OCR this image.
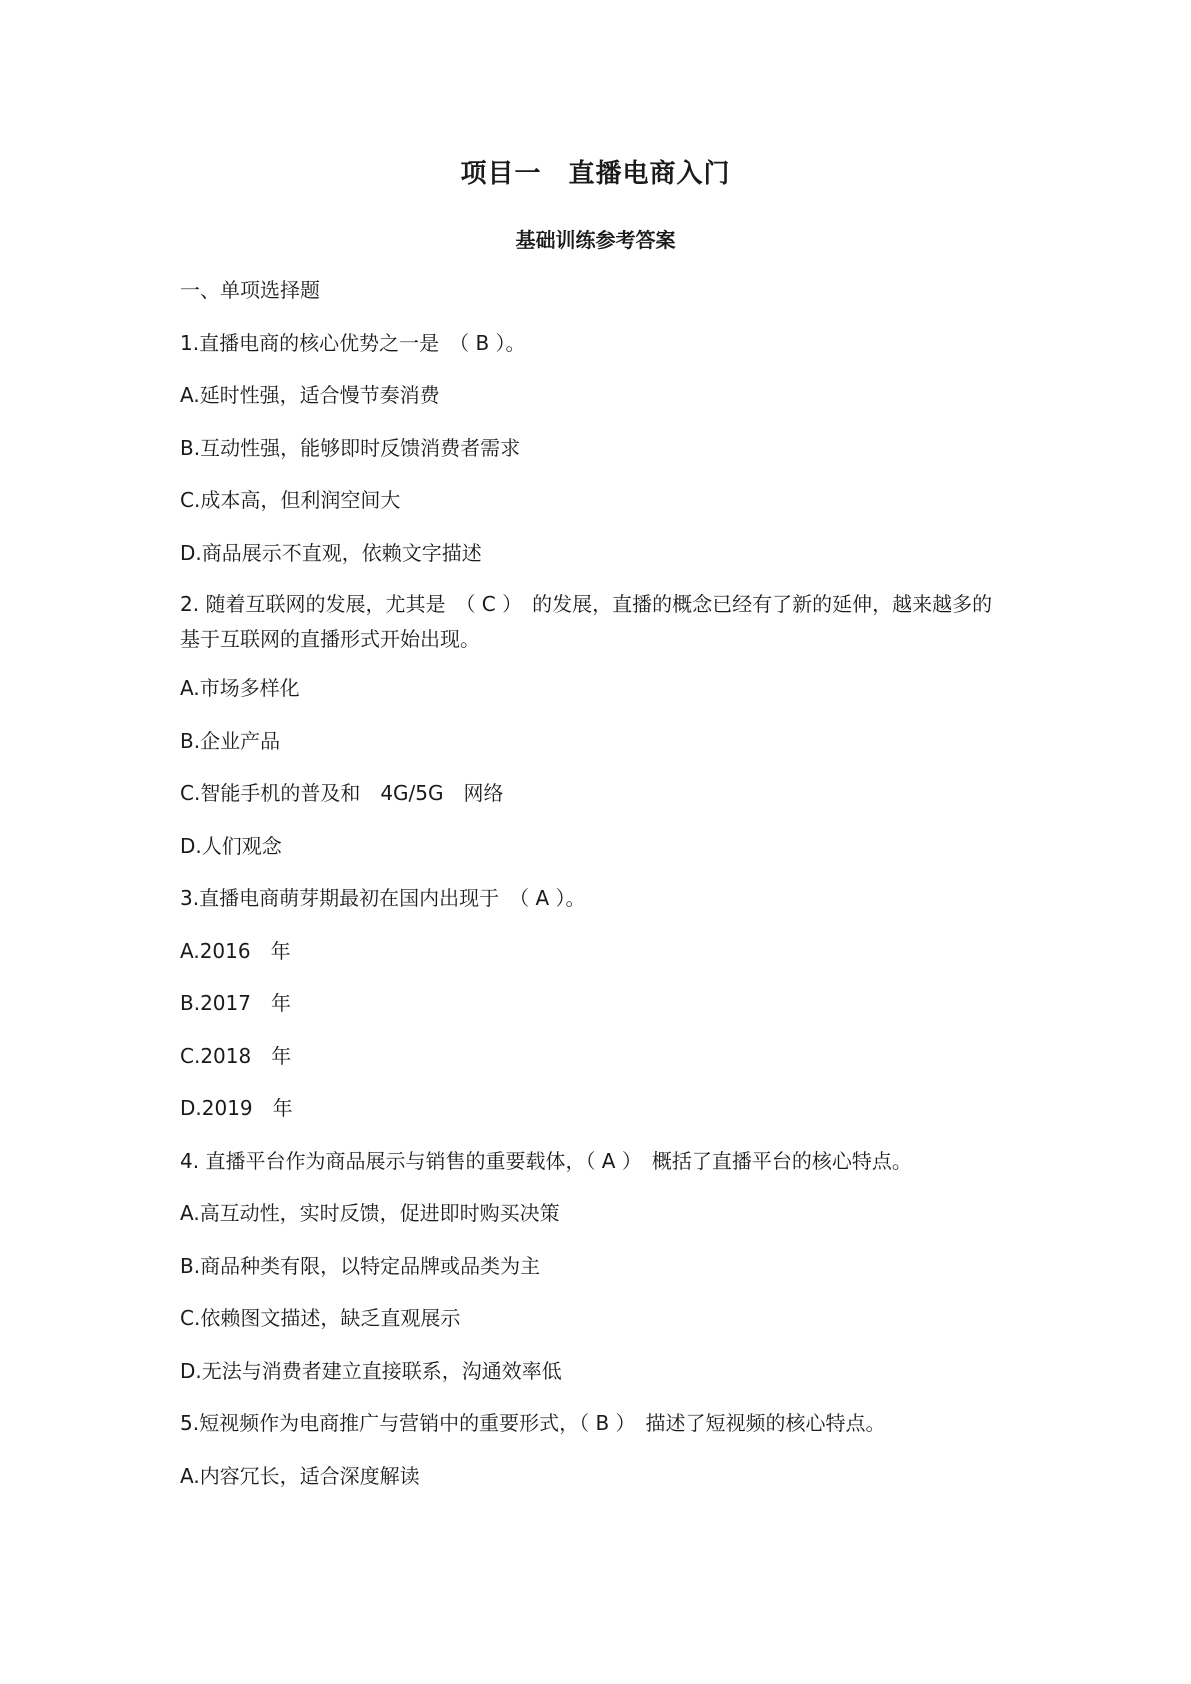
项目一　直播电商入门
基础训练参考答案
一、单项选择题
1.直播电商的核心优势之一是　（ B ）。
A.延时性强，适合慢节奏消费
B.互动性强，能够即时反馈消费者需求
C.成本高，但利润空间大
D.商品展示不直观，依赖文字描述
2. 随着互联网的发展，尤其是　（ C ）　的发展，直播的概念已经有了新的延伸，越来越多的基于互联网的直播形式开始出现。
A.市场多样化
B.企业产品
C.智能手机的普及和　4G/5G　网络
D.人们观念
3.直播电商萌芽期最初在国内出现于　（ A ）。
A.2016　年
B.2017　年
C.2018　年
D.2019　年
4. 直播平台作为商品展示与销售的重要载体，（ A ）　概括了直播平台的核心特点。
A.高互动性，实时反馈，促进即时购买决策
B.商品种类有限，以特定品牌或品类为主
C.依赖图文描述，缺乏直观展示
D.无法与消费者建立直接联系，沟通效率低
5.短视频作为电商推广与营销中的重要形式，（ B ）　描述了短视频的核心特点。
A.内容冗长，适合深度解读
